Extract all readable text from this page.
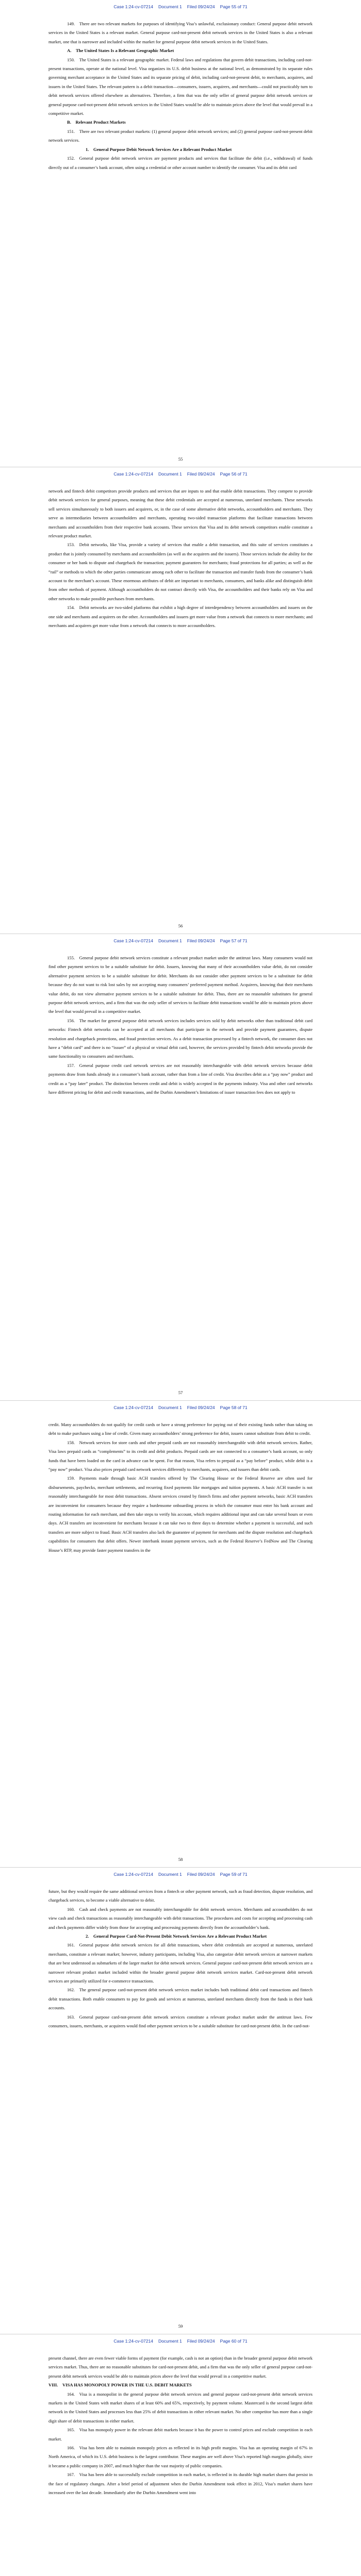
Case 1:24-cv-07214 Document 1 Filed 09/24/24 Page 55 of 71

149. There are two relevant markets for purposes of identifying Visa’s unlawful, exclusionary conduct: General purpose debit network services in the United States is a relevant market. General purpose card-not-present debit network services in the United States is also a relevant market, one that is narrower and included within the market for general purpose debit network services in the United States.

A. The United States Is a Relevant Geographic Market

150. The United States is a relevant geographic market. Federal laws and regulations that govern debit transactions, including card-not-present transactions, operate at the national level. Visa organizes its U.S. debit business at the national level, as demonstrated by its separate rules governing merchant acceptance in the United States and its separate pricing of debit, including card-not-present debit, to merchants, acquirers, and issuers in the United States. The relevant pattern is a debit transaction—consumers, issuers, acquirers, and merchants—could not practicably turn to debit network services offered elsewhere as alternatives. Therefore, a firm that was the only seller of general purpose debit network services or general purpose card-not-present debit network services in the United States would be able to maintain prices above the level that would prevail in a competitive market.

B. Relevant Product Markets

151. There are two relevant product markets: (1) general purpose debit network services; and (2) general purpose card-not-present debit network services.

1. General Purpose Debit Network Services Are a Relevant Product Market

152. General purpose debit network services are payment products and services that facilitate the debit (i.e., withdrawal) of funds directly out of a consumer’s bank account, often using a credential or other account number to identify the consumer. Visa and its debit card

55
Case 1:24-cv-07214 Document 1 Filed 09/24/24 Page 56 of 71

network and fintech debit competitors provide products and services that are inputs to and that enable debit transactions. They compete to provide debit network services for general purposes, meaning that these debit credentials are accepted at numerous, unrelated merchants. These networks sell services simultaneously to both issuers and acquirers, or, in the case of some alternative debit networks, accountholders and merchants. They serve as intermediaries between accountholders and merchants, operating two-sided transaction platforms that facilitate transactions between merchants and accountholders from their respective bank accounts. These services that Visa and its debit network competitors enable constitute a relevant product market.

153. Debit networks, like Visa, provide a variety of services that enable a debit transaction, and this suite of services constitutes a product that is jointly consumed by merchants and accountholders (as well as the acquirers and the issuers). Those services include the ability for the consumer or her bank to dispute and chargeback the transaction; payment guarantees for merchants; fraud protections for all parties; as well as the “rail” or methods to which the other parties communicate among each other to facilitate the transaction and transfer funds from the consumer’s bank account to the merchant’s account. These enormous attributes of debit are important to merchants, consumers, and banks alike and distinguish debit from other methods of payment. Although accountholders do not contract directly with Visa, the accountholders and their banks rely on Visa and other networks to make possible purchases from merchants.

154. Debit networks are two-sided platforms that exhibit a high degree of interdependency between accountholders and issuers on the one side and merchants and acquirers on the other. Accountholders and issuers get more value from a network that connects to more merchants; and merchants and acquirers get more value from a network that connects to more accountholders.

56
Case 1:24-cv-07214 Document 1 Filed 09/24/24 Page 57 of 71

155. General purpose debit network services constitute a relevant product market under the antitrust laws. Many consumers would not find other payment services to be a suitable substitute for debit. Issuers, knowing that many of their accountholders value debit, do not consider alternative payment services to be a suitable substitute for debit. Merchants do not consider other payment services to be a substitute for debit because they do not want to risk lost sales by not accepting many consumers’ preferred payment method. Acquirers, knowing that their merchants value debit, do not view alternative payment services to be a suitable substitute for debit. Thus, there are no reasonable substitutes for general purpose debit network services, and a firm that was the only seller of services to facilitate debit transactions would be able to maintain prices above the level that would prevail in a competitive market.

156. The market for general purpose debit network services includes services sold by debit networks other than traditional debit card networks: Fintech debit networks can be accepted at all merchants that participate in the network and provide payment guarantees, dispute resolution and chargeback protections, and fraud protection services. As a debit transaction processed by a fintech network, the consumer does not have a “debit card” and there is no “issuer” of a physical or virtual debit card, however, the services provided by fintech debit networks provide the same functionality to consumers and merchants.

157. General purpose credit card network services are not reasonably interchangeable with debit network services because debit payments draw from funds already in a consumer’s bank account, rather than from a line of credit. Visa describes debit as a “pay now” product and credit as a “pay later” product. The distinction between credit and debit is widely accepted in the payments industry. Visa and other card networks have different pricing for debit and credit transactions, and the Durbin Amendment’s limitations of issuer transaction fees does not apply to

57
Case 1:24-cv-07214 Document 1 Filed 09/24/24 Page 58 of 71

credit. Many accountholders do not qualify for credit cards or have a strong preference for paying out of their existing funds rather than taking on debt to make purchases using a line of credit. Given many accountholders’ strong preference for debit, issuers cannot substitute from debit to credit.

158. Network services for store cards and other prepaid cards are not reasonably interchangeable with debit network services. Rather, Visa laws prepaid cards as “complements” to its credit and debit products. Prepaid cards are not connected to a consumer’s bank account, so only funds that have been loaded on the card in advance can be spent. For that reason, Visa refers to prepaid as a “pay before” product, while debit is a “pay now” product. Visa also prices prepaid card network services differently to merchants, acquirers, and issuers than debit cards.

159. Payments made through basic ACH transfers offered by The Clearing House or the Federal Reserve are often used for disbursements, paychecks, merchant settlements, and recurring fixed payments like mortgages and tuition payments. A basic ACH transfer is not reasonably interchangeable for most debit transactions. Absent services created by fintech firms and other payment networks, basic ACH transfers are inconvenient for consumers because they require a burdensome onboarding process in which the consumer must enter his bank account and routing information for each merchant, and then take steps to verify his account, which requires additional input and can take several hours or even days. ACH transfers are inconvenient for merchants because it can take two to three days to determine whether a payment is successful, and such transfers are more subject to fraud. Basic ACH transfers also lack the guarantee of payment for merchants and the dispute resolution and chargeback capabilities for consumers that debit offers. Newer interbank instant payment services, such as the Federal Reserve’s FedNow and The Clearing House’s RTP, may provide faster payment transfers in the

58
Case 1:24-cv-07214 Document 1 Filed 09/24/24 Page 59 of 71

future, but they would require the same additional services from a fintech or other payment network, such as fraud detection, dispute resolution, and chargeback services, to become a viable alternative to debit.

160. Cash and check payments are not reasonably interchangeable for debit network services. Merchants and accountholders do not view cash and check transactions as reasonably interchangeable with debit transactions. The procedures and costs for accepting and processing cash and check payments differ widely from those for accepting and processing payments directly from the accountholder’s bank.

2. General Purpose Card-Not-Present Debit Network Services Are a Relevant Product Market

161. General purpose debit network services for all debit transactions, where debit credentials are accepted at numerous, unrelated merchants, constitute a relevant market; however, industry participants, including Visa, also categorize debit network services at narrower markets that are best understood as submarkets of the larger market for debit network services. General purpose card-not-present debit network services are a narrower relevant product market included within the broader general purpose debit network services market. Card-not-present debit network services are primarily utilized for e-commerce transactions.

162. The general purpose card-not-present debit network services market includes both traditional debit card transactions and fintech debit transactions. Both enable consumers to pay for goods and services at numerous, unrelated merchants directly from the funds in their bank accounts.

163. General purpose card-not-present debit network services constitute a relevant product market under the antitrust laws. Few consumers, issuers, merchants, or acquirers would find other payment services to be a suitable substitute for card-not-present debit. In the card-not-

59
Case 1:24-cv-07214 Document 1 Filed 09/24/24 Page 60 of 71

present channel, there are even fewer viable forms of payment (for example, cash is not an option) than in the broader general purpose debit network services market. Thus, there are no reasonable substitutes for card-not-present debit, and a firm that was the only seller of general purpose card-not-present debit network services would be able to maintain prices above the level that would prevail in a competitive market.

VIII. VISA HAS MONOPOLY POWER IN THE U.S. DEBIT MARKETS

164. Visa is a monopolist in the general purpose debit network services and general purpose card-not-present debit network services markets in the United States with market shares of at least 60% and 65%, respectively, by payment volume. Mastercard is the second largest debit network in the United States and processes less than 25% of debit transactions in either relevant market. No other competitor has more than a single digit share of debit transactions in either market.

165. Visa has monopoly power in the relevant debit markets because it has the power to control prices and exclude competition in each market.

166. Visa has been able to maintain monopoly prices as reflected in its high profit margins. Visa has an operating margin of 67% in North America, of which its U.S. debit business is the largest contributor. These margins are well above Visa’s reported high margins globally, since it became a public company in 2007, and much higher than the vast majority of public companies.

167. Visa has been able to successfully exclude competition in each market, is reflected in its durable high market shares that persist in the face of regulatory changes. After a brief period of adjustment when the Durbin Amendment took effect in 2012, Visa’s market shares have increased over the last decade. Immediately after the Durbin Amendment went into
